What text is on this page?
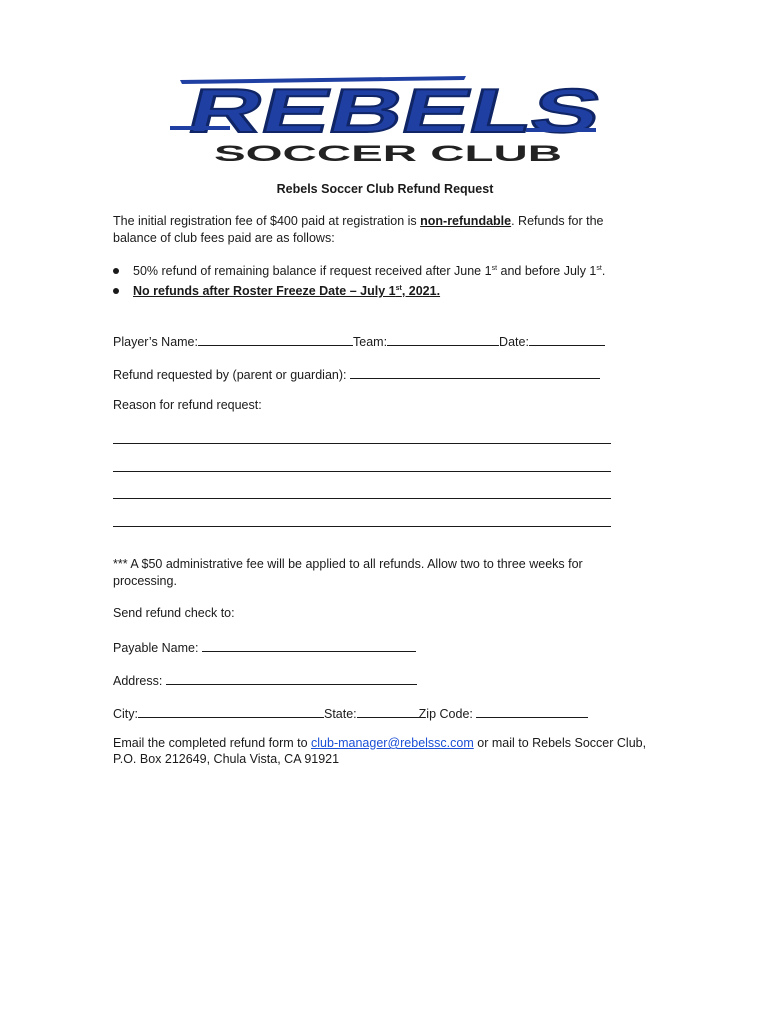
REBELS
SOCCER CLUB
Rebels Soccer Club Refund Request
The initial registration fee of $400 paid at registration is non-refundable. Refunds for the
balance of club fees paid are as follows:
50% refund of remaining balance if request received after June 1st and before July 1st.
No refunds after Roster Freeze Date – July 1st, 2021.
Player’s Name:	Team:	Date:
Refund requested by (parent or guardian):
Reason for refund request:
*** A $50 administrative fee will be applied to all refunds. Allow two to three weeks for
processing.
Send refund check to:
Payable Name:
Address:
City:	State:	Zip Code:
Email the completed refund form to club-manager@rebelssc.com or mail to Rebels Soccer Club,
P.O. Box 212649, Chula Vista, CA 91921
